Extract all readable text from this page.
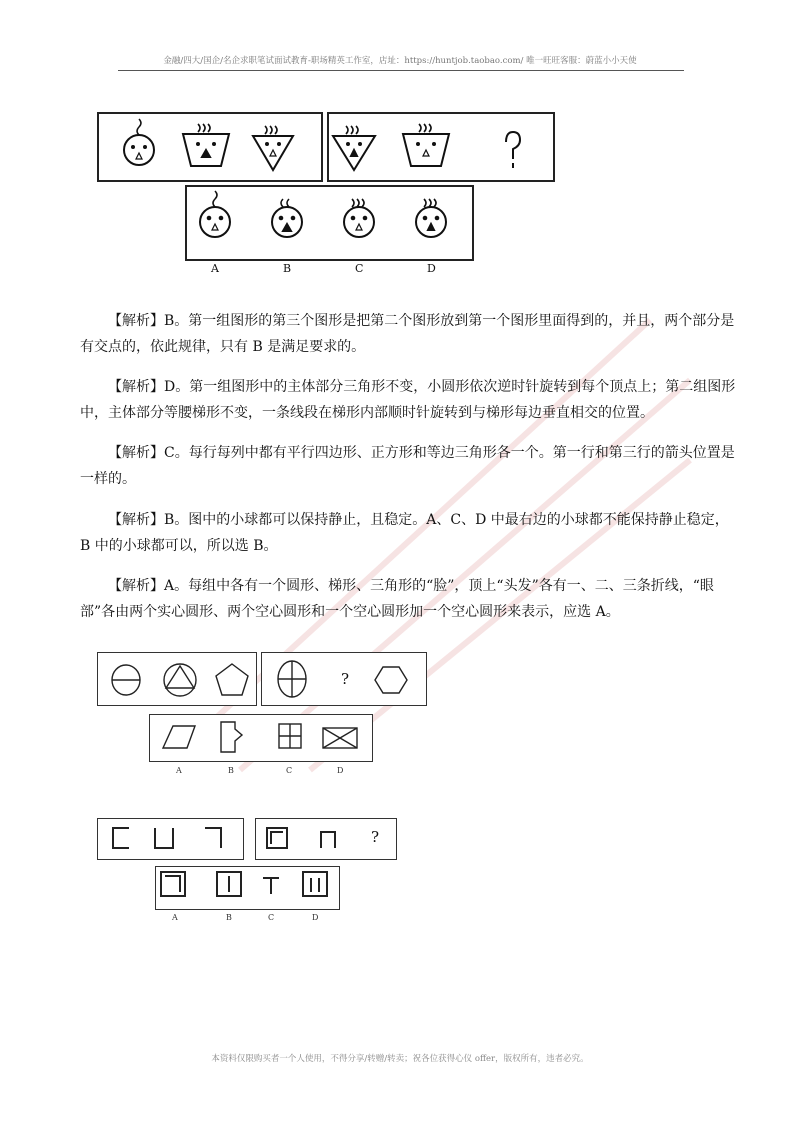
金融/四大/国企/名企求职笔试面试教育-职场精英工作室，店址：https://huntjob.taobao.com/ 唯一旺旺客服：蔚蓝小小天使
A	B	C	D
【解析】B。第一组图形的第三个图形是把第二个图形放到第一个图形里面得到的，并且，两个部分是有交点的，依此规律，只有 B 是满足要求的。
【解析】D。第一组图形中的主体部分三角形不变，小圆形依次逆时针旋转到每个顶点上；第二组图形中，主体部分等腰梯形不变，一条线段在梯形内部顺时针旋转到与梯形每边垂直相交的位置。
【解析】C。每行每列中都有平行四边形、正方形和等边三角形各一个。第一行和第三行的箭头位置是一样的。
【解析】B。图中的小球都可以保持静止，且稳定。A、C、D 中最右边的小球都不能保持静止稳定，B 中的小球都可以，所以选 B。
【解析】A。每组中各有一个圆形、梯形、三角形的“脸”，顶上“头发”各有一、二、三条折线，“眼部”各由两个实心圆形、两个空心圆形和一个空心圆形加一个空心圆形来表示，应选 A。
?
A	B	C	D
?
A	B	C	D
本资料仅限购买者一个人使用，不得分享/转赠/转卖；祝各位获得心仪 offer，版权所有，违者必究。
